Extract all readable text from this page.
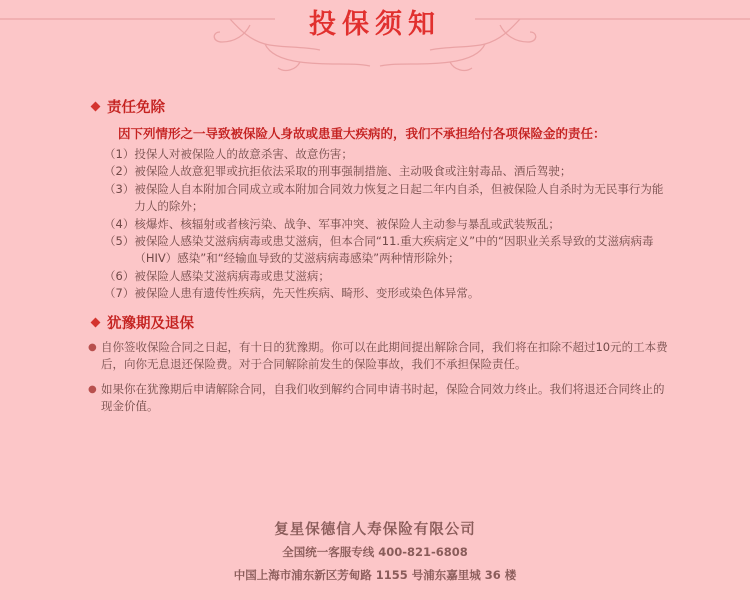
投保须知
责任免除
因下列情形之一导致被保险人身故或患重大疾病的，我们不承担给付各项保险金的责任：
（1） 投保人对被保险人的故意杀害、故意伤害；
（2） 被保险人故意犯罪或抗拒依法采取的刑事强制措施、主动吸食或注射毒品、酒后驾驶；
（3） 被保险人自本附加合同成立或本附加合同效力恢复之日起二年内自杀，但被保险人自杀时为无民事行为能力人的除外；
（4） 核爆炸、核辐射或者核污染、战争、军事冲突、被保险人主动参与暴乱或武装叛乱；
（5） 被保险人感染艾滋病病毒或患艾滋病，但本合同“11.重大疾病定义”中的“因职业关系导致的艾滋病病毒（HIV）感染”和“经输血导致的艾滋病病毒感染”两种情形除外；
（6） 被保险人感染艾滋病病毒或患艾滋病；
（7） 被保险人患有遗传性疾病，先天性疾病、畸形、变形或染色体异常。
犹豫期及退保
● 自你签收保险合同之日起，有十日的犹豫期。你可以在此期间提出解除合同，我们将在扣除不超过10元的工本费后，向你无息退还保险费。对于合同解除前发生的保险事故，我们不承担保险责任。
● 如果你在犹豫期后申请解除合同，自我们收到解约合同申请书时起，保险合同效力终止。我们将退还合同终止的现金价值。
复星保德信人寿保险有限公司
全国统一客服专线 400-821-6808
中国上海市浦东新区芳甸路 1155 号浦东嘉里城 36 楼
